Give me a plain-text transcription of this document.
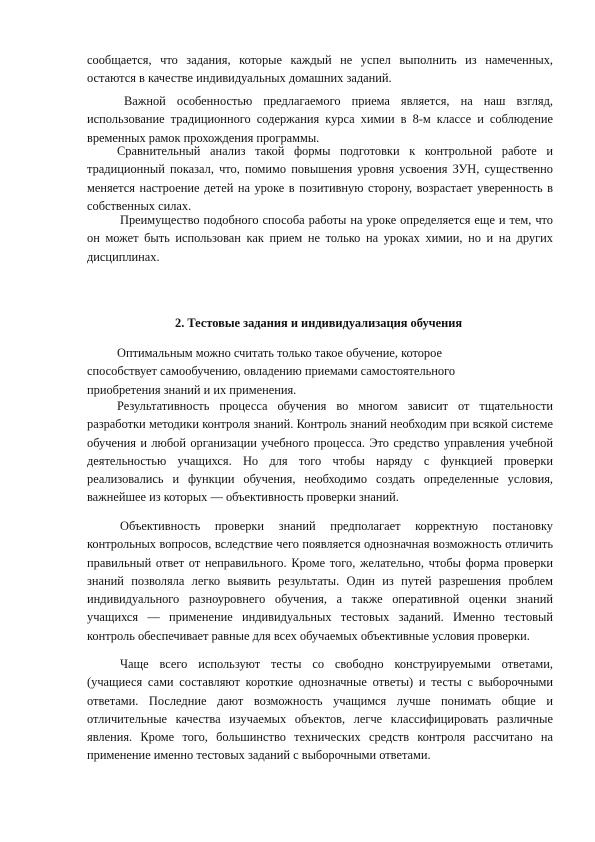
сообщается, что задания, которые каждый не успел выполнить из намеченных, остаются в качестве индивидуальных домашних заданий.

Важной особенностью предлагаемого приема является, на наш взгляд, использование традиционного содержания курса химии в 8-м классе и соблюдение временных рамок прохождения программы.

Сравнительный анализ такой формы подготовки к контрольной работе и традиционный показал, что, помимо повышения уровня усвоения ЗУН, существенно меняется настроение детей на уроке в позитивную сторону, возрастает уверенность в собственных силах.

Преимущество подобного способа работы на уроке определяется еще и тем, что он может быть использован как прием не только на уроках химии, но и на других дисциплинах.

2. Тестовые задания и индивидуализация обучения

Оптимальным можно считать только такое обучение, которое способствует самообучению, овладению приемами самостоятельного приобретения знаний и их применения.

Результативность процесса обучения во многом зависит от тщательности разработки методики контроля знаний. Контроль знаний необходим при всякой системе обучения и любой организации учебного процесса. Это средство управления учебной деятельностью учащихся. Но для того чтобы наряду с функцией проверки реализовались и функции обучения, необходимо создать определенные условия, важнейшее из которых — объективность проверки знаний.

Объективность проверки знаний предполагает корректную постановку контрольных вопросов, вследствие чего появляется однозначная возможность отличить правильный ответ от неправильного. Кроме того, желательно, чтобы форма проверки знаний позволяла легко выявить результаты. Один из путей разрешения проблем индивидуального разноуровнего обучения, а также оперативной оценки знаний учащихся — применение индивидуальных тестовых заданий. Именно тестовый контроль обеспечивает равные для всех обучаемых объективные условия проверки.

Чаще всего используют тесты со свободно конструируемыми ответами, (учащиеся сами составляют короткие однозначные ответы) и тесты с выборочными ответами. Последние дают возможность учащимся лучше понимать общие и отличительные качества изучаемых объектов, легче классифицировать различные явления. Кроме того, большинство технических средств контроля рассчитано на применение именно тестовых заданий с выборочными ответами.
